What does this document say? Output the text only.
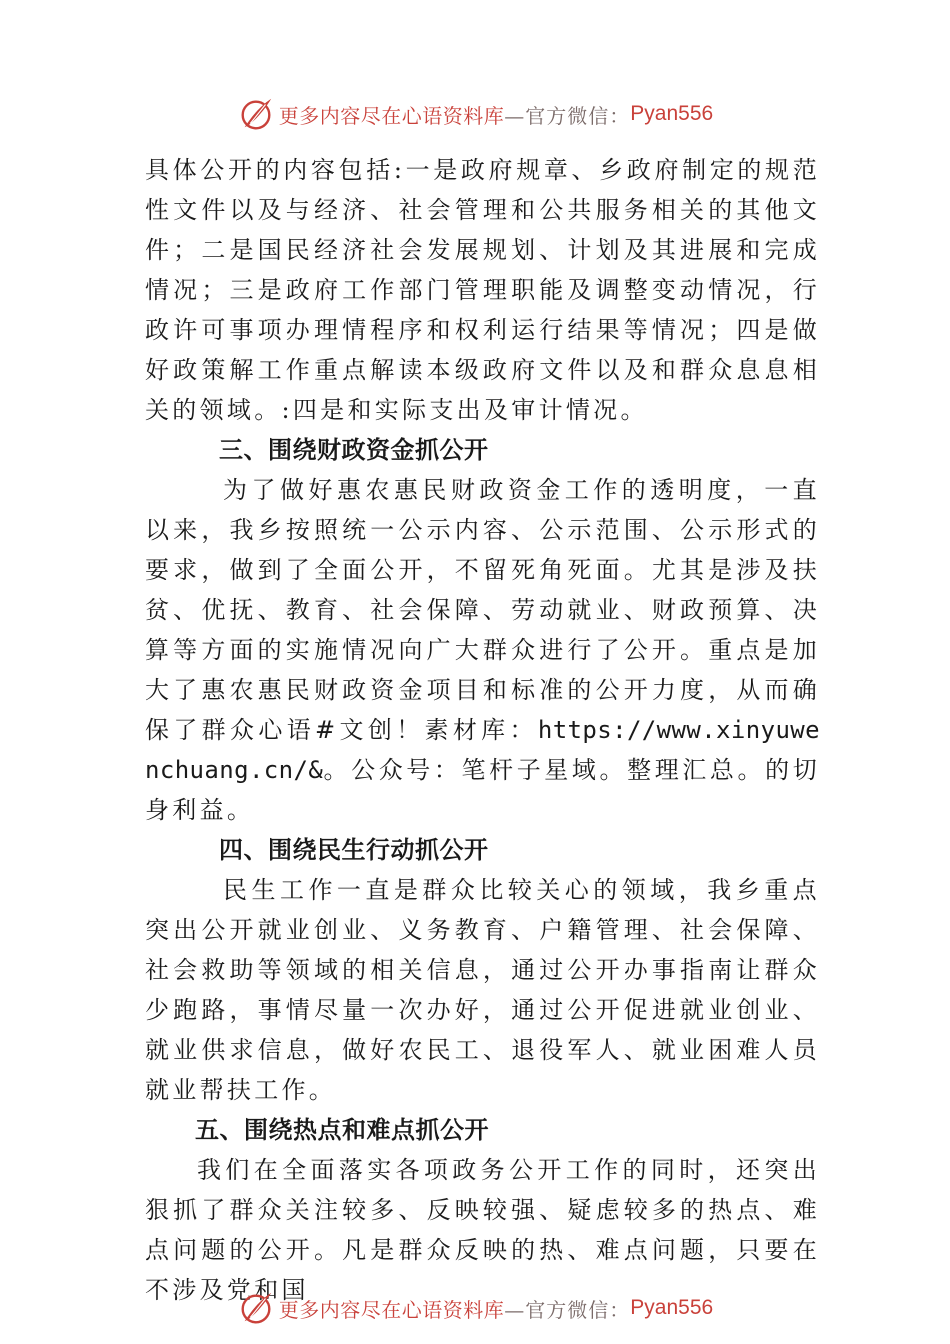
更多内容尽在心语资料库 —官方微信： Pyan556

具体公开的内容包括:一是政府规章、乡政府制定的规范性文件以及与经济、社会管理和公共服务相关的其他文件；二是国民经济社会发展规划、计划及其进展和完成情况；三是政府工作部门管理职能及调整变动情况，行政许可事项办理情程序和权利运行结果等情况；四是做好政策解工作重点解读本级政府文件以及和群众息息相关的领域。:四是和实际支出及审计情况。

三、围绕财政资金抓公开

为了做好惠农惠民财政资金工作的透明度，一直以来，我乡按照统一公示内容、公示范围、公示形式的要求，做到了全面公开，不留死角死面。尤其是涉及扶贫、优抚、教育、社会保障、劳动就业、财政预算、决算等方面的实施情况向广大群众进行了公开。重点是加大了惠农惠民财政资金项目和标准的公开力度，从而确保了群众心语#文创！素材库：https://www.xinyuwenchuang.cn/&。公众号：笔杆子星域。整理汇总。的切身利益。

四、围绕民生行动抓公开

民生工作一直是群众比较关心的领域，我乡重点突出公开就业创业、义务教育、户籍管理、社会保障、社会救助等领域的相关信息，通过公开办事指南让群众少跑路，事情尽量一次办好，通过公开促进就业创业、就业供求信息，做好农民工、退役军人、就业困难人员就业帮扶工作。

五、围绕热点和难点抓公开

我们在全面落实各项政务公开工作的同时，还突出狠抓了群众关注较多、反映较强、疑虑较多的热点、难点问题的公开。凡是群众反映的热、难点问题，只要在不涉及党和国

更多内容尽在心语资料库 —官方微信： Pyan556
